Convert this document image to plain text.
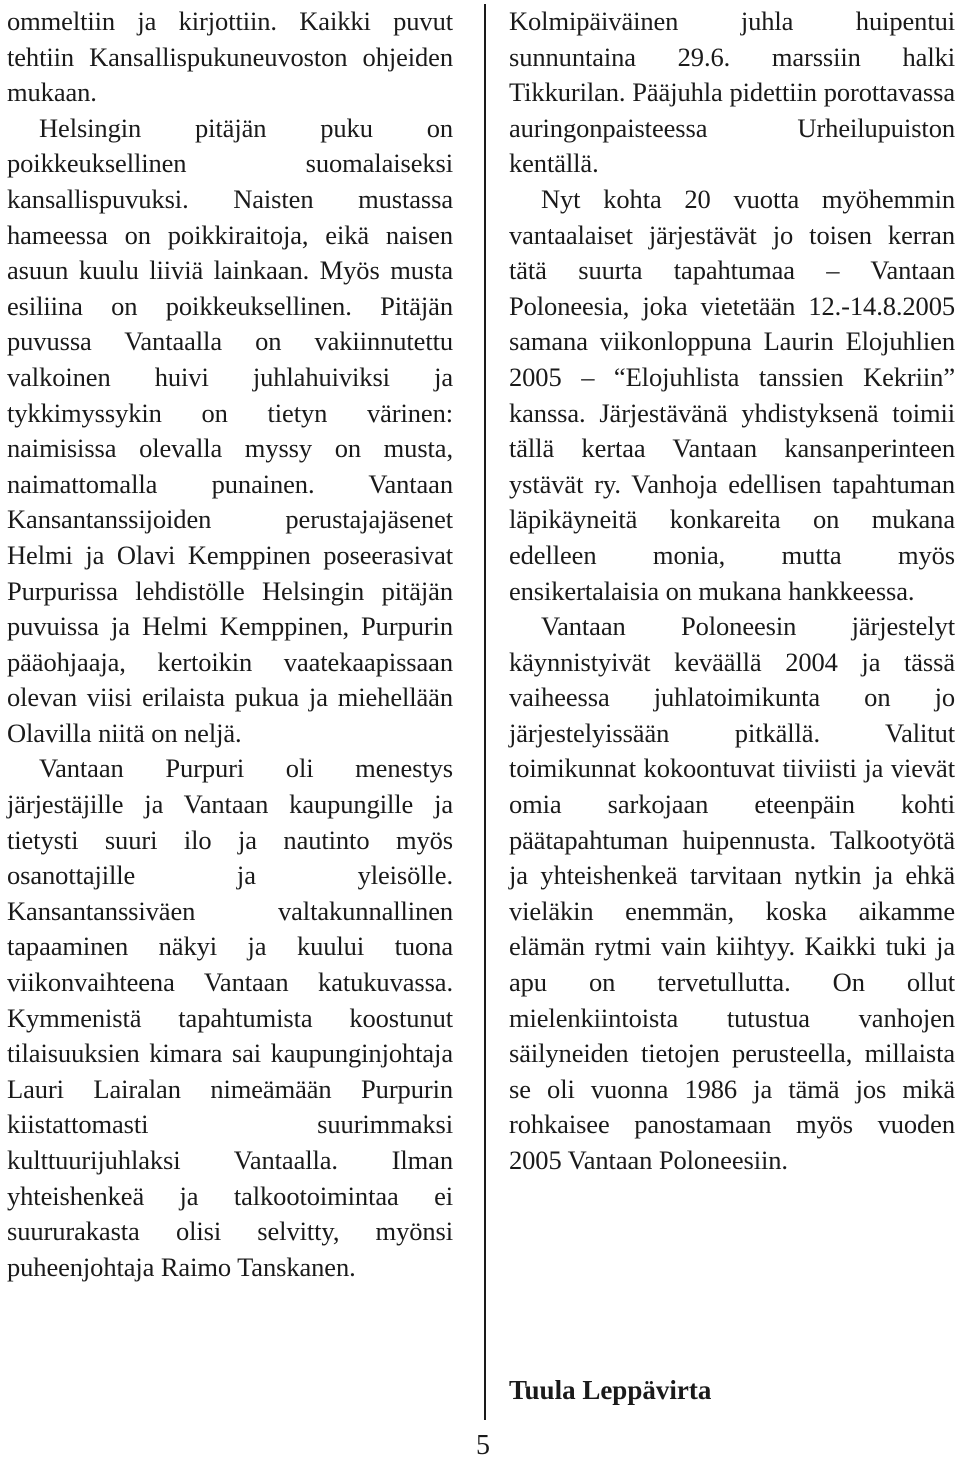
ommeltiin ja kirjottiin. Kaikki puvut tehtiin Kansallispukuneuvoston ohjeiden mukaan.

Helsingin pitäjän puku on poikkeuksellinen suomalaiseksi kansallispuvuksi. Naisten mustassa hameessa on poikkiraitoja, eikä naisen asuun kuulu liiviä lainkaan. Myös musta esiliina on poikkeuksellinen. Pitäjän puvussa Vantaalla on vakiinnutettu valkoinen huivi juhlahuiviksi ja tykkimyssykin on tietyn värinen: naimisissa olevalla myssy on musta, naimattomalla punainen. Vantaan Kansantanssijoiden perustajajäsenet Helmi ja Olavi Kemppinen poseerasivat Purpurissa lehdistölle Helsingin pitäjän puvuissa ja Helmi Kemppinen, Purpurin pääohjaaja, kertoikin vaatekaapissaan olevan viisi erilaista pukua ja miehellään Olavilla niitä on neljä.

Vantaan Purpuri oli menestys järjestäjille ja Vantaan kaupungille ja tietysti suuri ilo ja nautinto myös osanottajille ja yleisölle. Kansantanssiväen valtakunnallinen tapaaminen näkyi ja kuului tuona viikonvaihteena Vantaan katukuvassa. Kymmenistä tapahtumista koostunut tilaisuuksien kimara sai kaupunginjohtaja Lauri Lairalan nimeämään Purpurin kiistattomasti suurimmaksi kulttuurijuhlaksi Vantaalla. Ilman yhteishenkeä ja talkootoimintaa ei suururakasta olisi selvitty, myönsi puheenjohtaja Raimo Tanskanen.

Kolmipäiväinen juhla huipentui sunnuntaina 29.6. marssiin halki Tikkurilan. Pääjuhla pidettiin porottavassa auringonpaisteessa Urheilupuiston kentällä.

Nyt kohta 20 vuotta myöhemmin vantaalaiset järjestävät jo toisen kerran tätä suurta tapahtumaa – Vantaan Poloneesia, joka vietetään 12.-14.8.2005 samana viikonloppuna Laurin Elojuhlien 2005 – “Elojuhlista tanssien Kekriin” kanssa. Järjestävänä yhdistyksenä toimii tällä kertaa Vantaan kansanperinteen ystävät ry. Vanhoja edellisen tapahtuman läpikäyneitä konkareita on mukana edelleen monia, mutta myös ensikertalaisia on mukana hankkeessa.

Vantaan Poloneesin järjestelyt käynnistyivät keväällä 2004 ja tässä vaiheessa juhlatoimikunta on jo järjestelyissään pitkällä. Valitut toimikunnat kokoontuvat tiiviisti ja vievät omia sarkojaan eteenpäin kohti päätapahtuman huipennusta. Talkootyötä ja yhteishenkeä tarvitaan nytkin ja ehkä vieläkin enemmän, koska aikamme elämän rytmi vain kiihtyy. Kaikki tuki ja apu on tervetullutta. On ollut mielenkiintoista tutustua vanhojen säilyneiden tietojen perusteella, millaista se oli vuonna 1986 ja tämä jos mikä rohkaisee panostamaan myös vuoden 2005 Vantaan Poloneesiin.

Tuula Leppävirta
5
